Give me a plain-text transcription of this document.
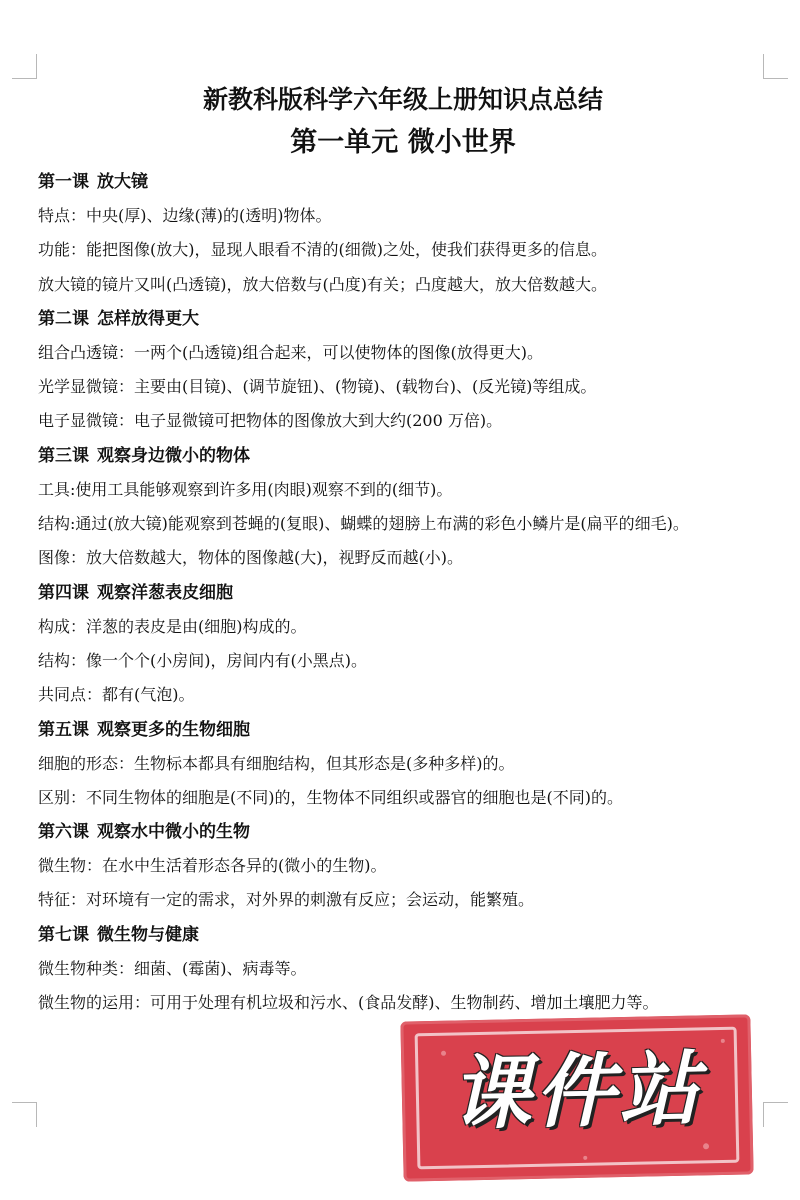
新教科版科学六年级上册知识点总结
第一单元 微小世界
第一课 放大镜

特点：中央(厚)、边缘(薄)的(透明)物体。

功能：能把图像(放大)，显现人眼看不清的(细微)之处，使我们获得更多的信息。

放大镜的镜片又叫(凸透镜)，放大倍数与(凸度)有关；凸度越大，放大倍数越大。

第二课 怎样放得更大

组合凸透镜：一两个(凸透镜)组合起来，可以使物体的图像(放得更大)。

光学显微镜：主要由(目镜)、(调节旋钮)、(物镜)、(载物台)、(反光镜)等组成。

电子显微镜：电子显微镜可把物体的图像放大到大约(200 万倍)。

第三课 观察身边微小的物体

工具:使用工具能够观察到许多用(肉眼)观察不到的(细节)。

结构:通过(放大镜)能观察到苍蝇的(复眼)、蝴蝶的翅膀上布满的彩色小鳞片是(扁平的细毛)。

图像：放大倍数越大，物体的图像越(大)，视野反而越(小)。

第四课 观察洋葱表皮细胞

构成：洋葱的表皮是由(细胞)构成的。

结构：像一个个(小房间)，房间内有(小黑点)。

共同点：都有(气泡)。

第五课 观察更多的生物细胞

细胞的形态：生物标本都具有细胞结构，但其形态是(多种多样)的。

区别：不同生物体的细胞是(不同)的，生物体不同组织或器官的细胞也是(不同)的。

第六课 观察水中微小的生物

微生物：在水中生活着形态各异的(微小的生物)。

特征：对环境有一定的需求，对外界的刺激有反应；会运动，能繁殖。

第七课 微生物与健康

微生物种类：细菌、(霉菌)、病毒等。

微生物的运用：可用于处理有机垃圾和污水、(食品发酵)、生物制药、增加土壤肥力等。

课件站
